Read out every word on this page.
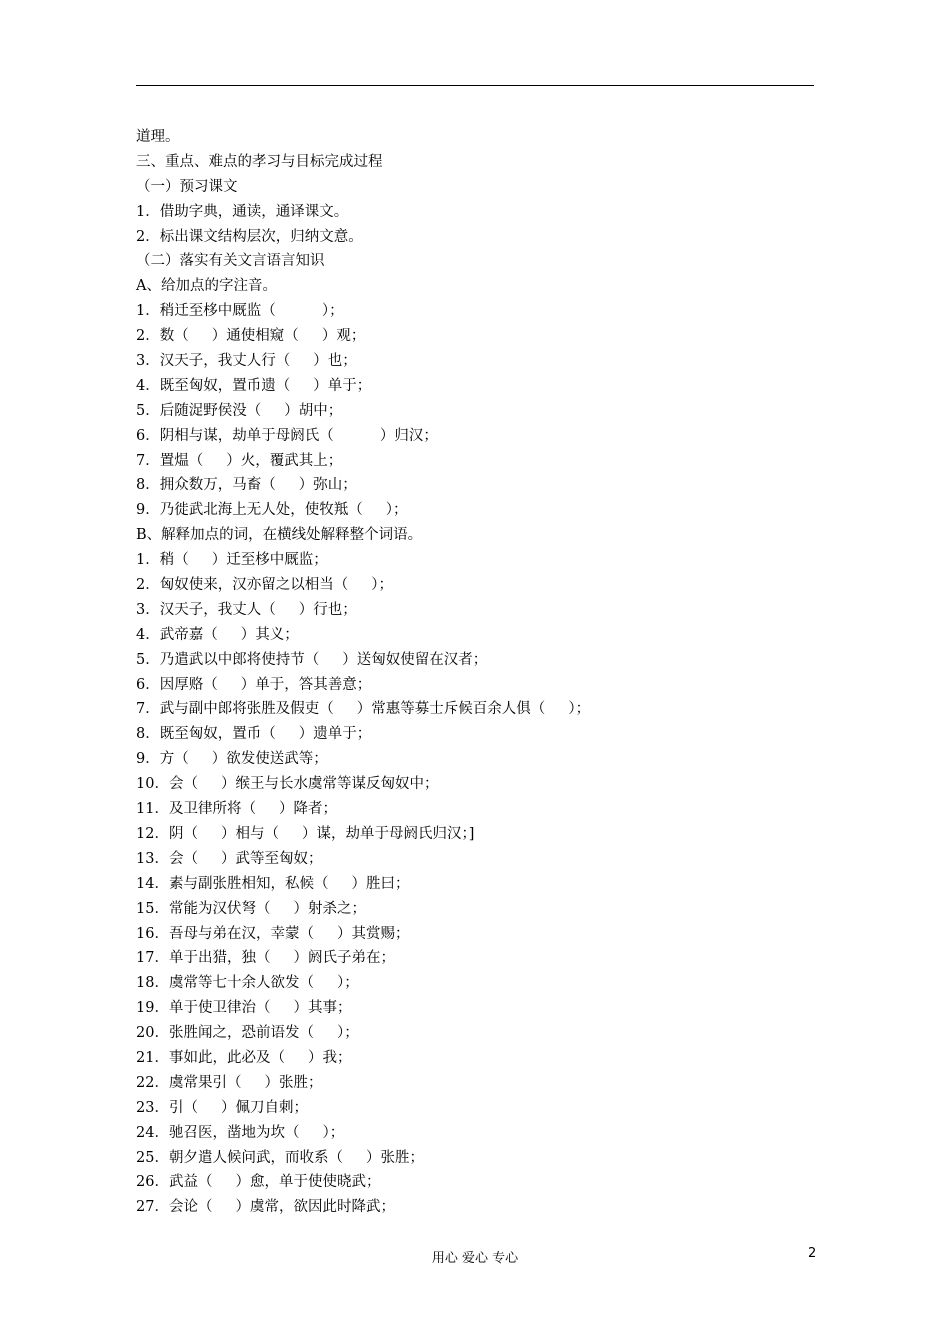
道理。
三、重点、难点的孝习与目标完成过程
（一）预习课文
1．借助字典，通读，通译课文。
2．标出课文结构层次，归纳文意。
（二）落实有关文言语言知识
A、给加点的字注音。
1．稍迁至栘中厩监（          ）；
2．数（     ）通使相窥（     ）观；
3．汉天子，我丈人行（     ）也；
4．既至匈奴，置币遗（     ）单于；
5．后随浞野侯没（     ）胡中；
6．阴相与谋，劫单于母阏氏（          ）归汉；
7．置煴（     ）火，覆武其上；
8．拥众数万，马畜（     ）弥山；
9．乃徙武北海上无人处，使牧羝（     ）；
B、解释加点的词，在横线处解释整个词语。
1．稍（     ）迁至栘中厩监；
2．匈奴使来，汉亦留之以相当（     ）；
3．汉天子，我丈人（     ）行也；
4．武帝嘉（     ）其义；
5．乃遣武以中郎将使持节（     ）送匈奴使留在汉者；
6．因厚赂（     ）单于，答其善意；
7．武与副中郎将张胜及假吏（     ）常惠等募士斥候百余人俱（     ）；
8．既至匈奴，置币（     ）遗单于；
9．方（     ）欲发使送武等；
10．会（     ）缑王与长水虞常等谋反匈奴中；
11．及卫律所将（     ）降者；
12．阴（     ）相与（     ）谋，劫单于母阏氏归汉；]
13．会（     ）武等至匈奴；
14．素与副张胜相知，私候（     ）胜曰；
15．常能为汉伏弩（     ）射杀之；
16．吾母与弟在汉，幸蒙（     ）其赏赐；
17．单于出猎，独（     ）阏氏子弟在；
18．虞常等七十余人欲发（     ）；
19．单于使卫律治（     ）其事；
20．张胜闻之，恐前语发（     ）；
21．事如此，此必及（     ）我；
22．虞常果引（     ）张胜；
23．引（     ）佩刀自刺；
24．驰召医，凿地为坎（     ）；
25．朝夕遣人候问武，而收系（     ）张胜；
26．武益（     ）愈，单于使使晓武；
27．会论（     ）虞常，欲因此时降武；
用心 爱心 专心	2
